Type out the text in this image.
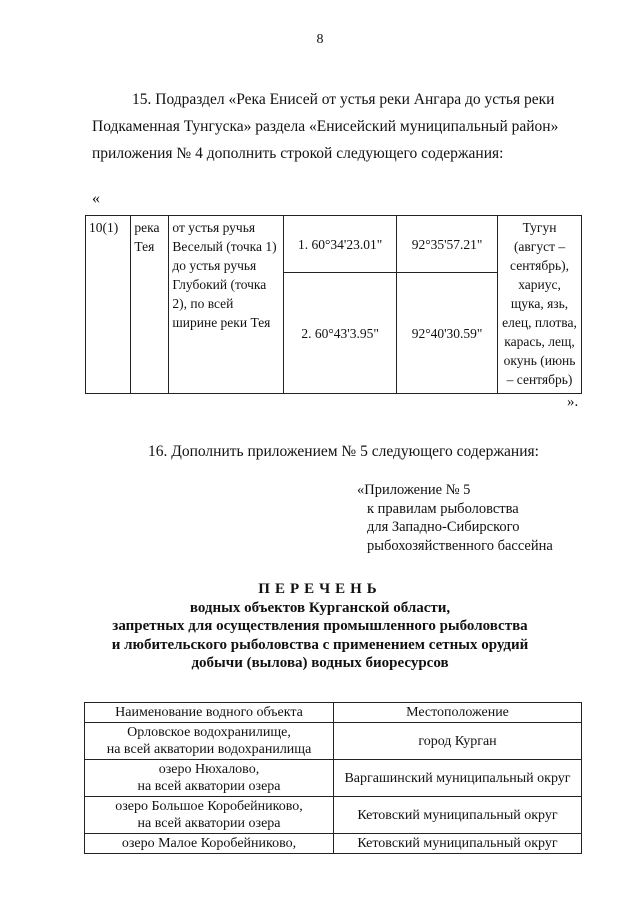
8
15. Подраздел «Река Енисей от устья реки Ангара до устья реки
Подкаменная Тунгуска» раздела «Енисейский муниципальный район»
приложения № 4 дополнить строкой следующего содержания:
«
10(1)	река Тея	от устья ручья Веселый (точка 1) до устья ручья Глубокий (точка 2), по всей ширине реки Тея	1. 60°34'23.01"	92°35'57.21"	Тугун (август – сентябрь), хариус, щука, язь, елец, плотва, карась, лещ, окунь (июнь – сентябрь)
			2. 60°43'3.95"	92°40'30.59"	
».
16. Дополнить приложением № 5 следующего содержания:
«Приложение № 5
к правилам рыболовства
для Западно-Сибирского
рыбохозяйственного бассейна
ПЕРЕЧЕНЬ
водных объектов Курганской области,
запретных для осуществления промышленного рыболовства
и любительского рыболовства с применением сетных орудий
добычи (вылова) водных биоресурсов
Наименование водного объекта	Местоположение

Орловское водохранилище,
на всей акватории водохранилища	город Курган

озеро Нюхалово,
на всей акватории озера	Варгашинский муниципальный округ

озеро Большое Коробейниково,
на всей акватории озера	Кетовский муниципальный округ

озеро Малое Коробейниково,	Кетовский муниципальный округ
